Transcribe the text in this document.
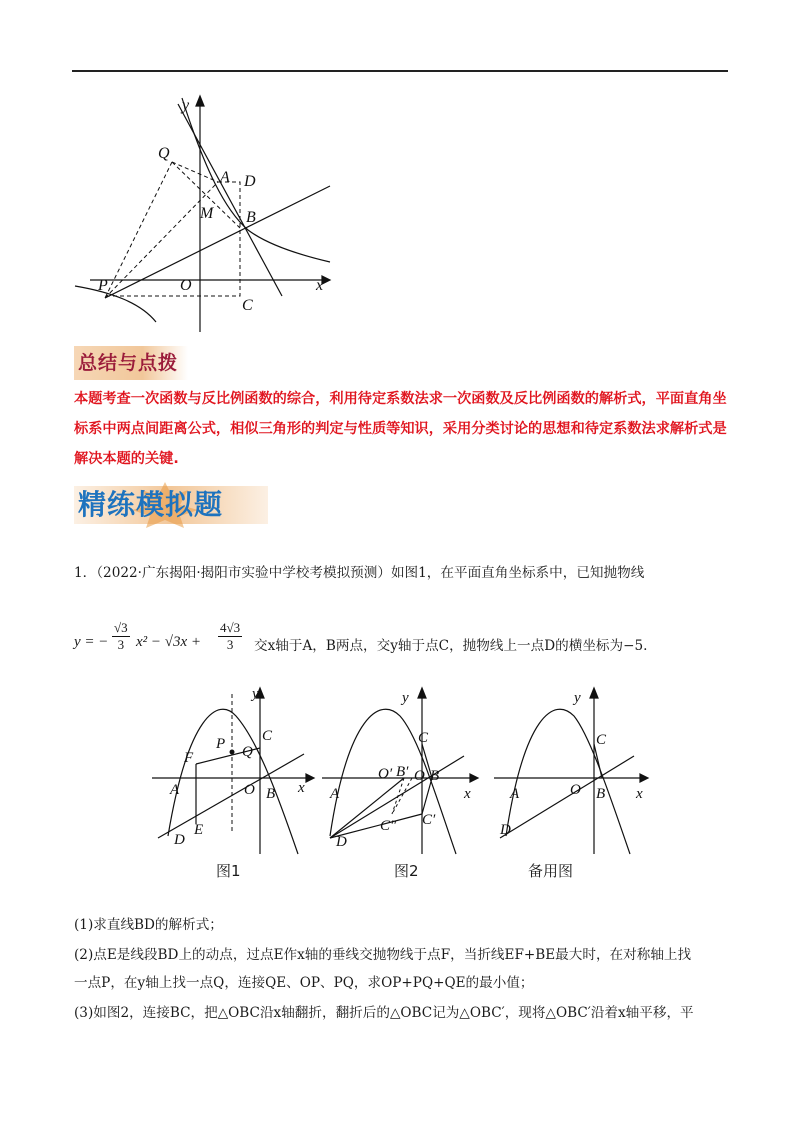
y
x
Q
A D
M B
P	O
C
总结与点拨
本题考查一次函数与反比例函数的综合，利用待定系数法求一次函数及反比例函数的解析式，平面直角坐标系中两点间距离公式，相似三角形的判定与性质等知识，采用分类讨论的思想和待定系数法求解析式是解决本题的关键.
精练模拟题
1．（2022·广东揭阳·揭阳市实验中学校考模拟预测）如图1，在平面直角坐标系中，已知抛物线
y = − $\frac{√3}{3} x^2 - √3x + \frac{4√3}{3}$ 交x轴于A，B两点，交y轴于点C，抛物线上一点D的横坐标为−5.
y
x
C
P Q
F
A	O B
E
D
图1
y
x
C
O′ B′ O B
A
C″ C′
D
图2
y
x
C
A	O B
D
备用图
(1)求直线BD的解析式；
(2)点E是线段BD上的动点，过点E作x轴的垂线交抛物线于点F，当折线EF+BE最大时，在对称轴上找
一点P，在y轴上找一点Q，连接QE、OP、PQ，求OP+PQ+QE的最小值；
(3)如图2，连接BC，把△OBC沿x轴翻折，翻折后的△OBC记为△OBC′，现将△OBC′沿着x轴平移，平
